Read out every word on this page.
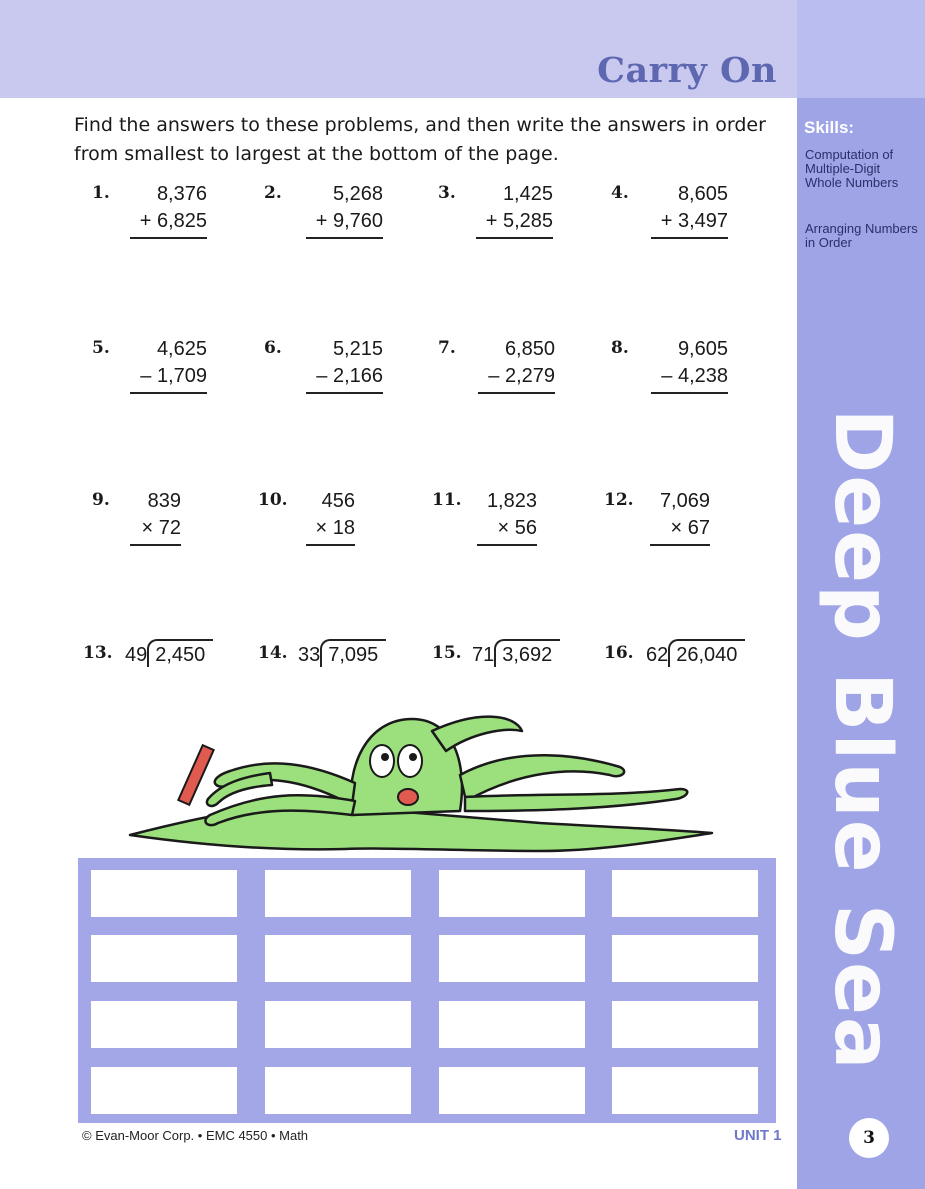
Carry On
Skills:
Computation of Multiple-Digit Whole Numbers
Arranging Numbers in Order
Deep Blue Sea
3

Find the answers to these problems, and then write the answers in order from smallest to largest at the bottom of the page.

1.	8,376
+ 6,825
2.	5,268
+ 9,760
3.	1,425
+ 5,285
4.	8,605
+ 3,497
5.	4,625
– 1,709
6.	5,215
– 2,166
7.	6,850
– 2,279
8.	9,605
– 4,238
9.	839
× 72
10.	456
× 18
11.	1,823
× 56
12.	7,069
× 67
13. 49 2,450	14. 33 7,095	15. 71 3,692	16. 62 26,040
© Evan-Moor Corp. • EMC 4550 • Math	UNIT 1
